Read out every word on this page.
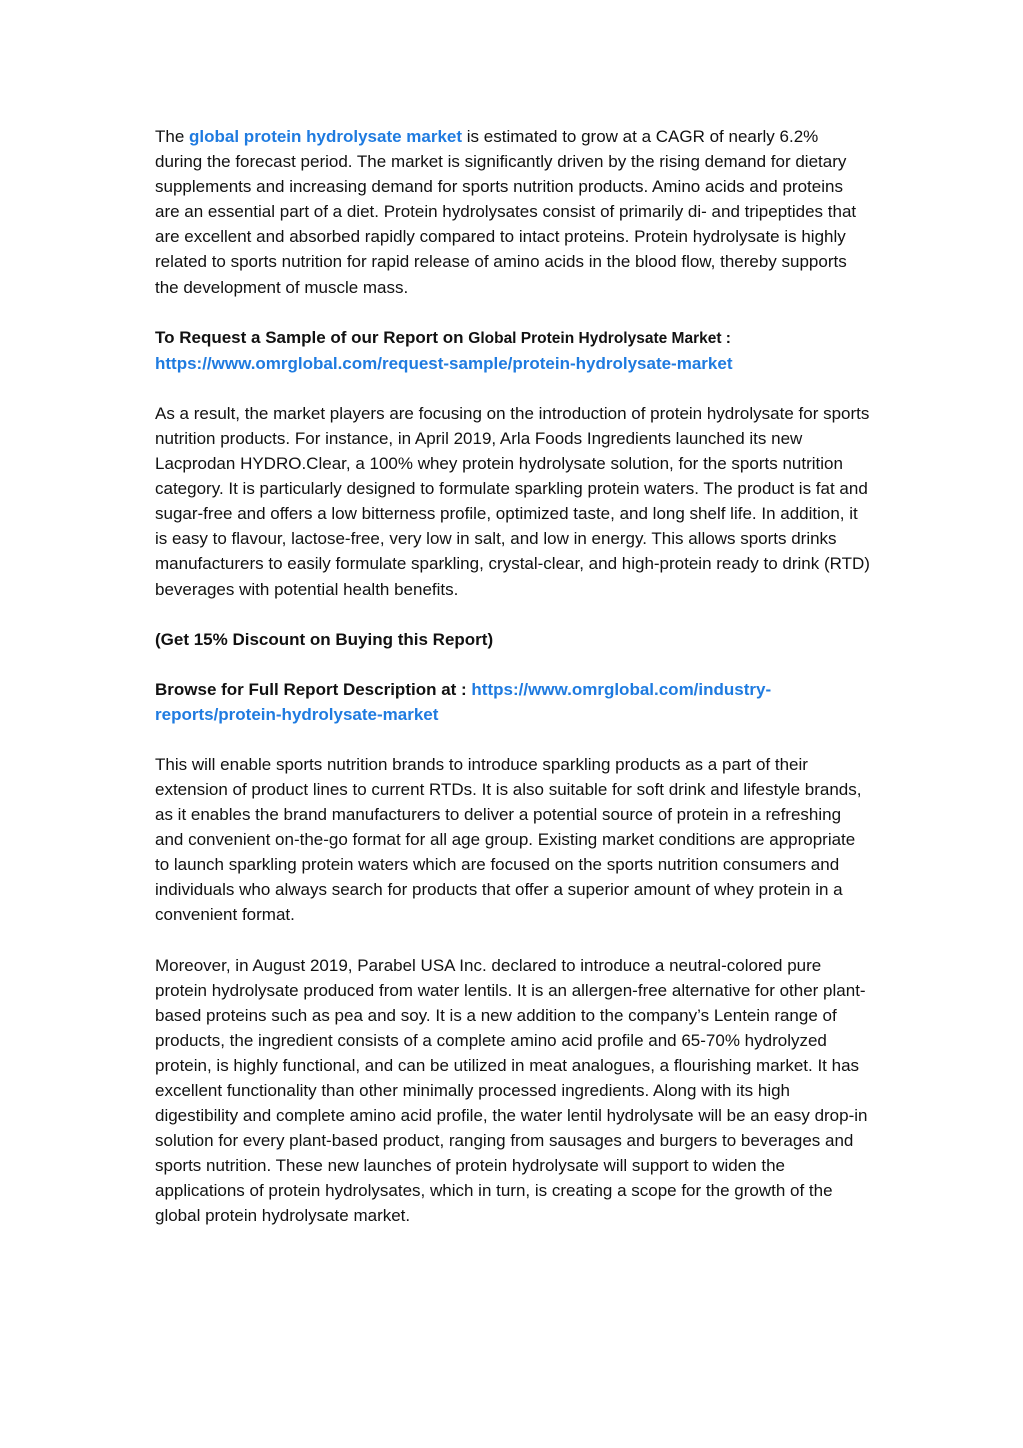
The global protein hydrolysate market is estimated to grow at a CAGR of nearly 6.2% during the forecast period. The market is significantly driven by the rising demand for dietary supplements and increasing demand for sports nutrition products. Amino acids and proteins are an essential part of a diet. Protein hydrolysates consist of primarily di- and tripeptides that are excellent and absorbed rapidly compared to intact proteins. Protein hydrolysate is highly related to sports nutrition for rapid release of amino acids in the blood flow, thereby supports the development of muscle mass.

To Request a Sample of our Report on Global Protein Hydrolysate Market :
https://www.omrglobal.com/request-sample/protein-hydrolysate-market

As a result, the market players are focusing on the introduction of protein hydrolysate for sports nutrition products. For instance, in April 2019, Arla Foods Ingredients launched its new Lacprodan HYDRO.Clear, a 100% whey protein hydrolysate solution, for the sports nutrition category. It is particularly designed to formulate sparkling protein waters. The product is fat and sugar-free and offers a low bitterness profile, optimized taste, and long shelf life. In addition, it is easy to flavour, lactose-free, very low in salt, and low in energy. This allows sports drinks manufacturers to easily formulate sparkling, crystal-clear, and high-protein ready to drink (RTD) beverages with potential health benefits.

(Get 15% Discount on Buying this Report)

Browse for Full Report Description at : https://www.omrglobal.com/industry-reports/protein-hydrolysate-market

This will enable sports nutrition brands to introduce sparkling products as a part of their extension of product lines to current RTDs. It is also suitable for soft drink and lifestyle brands, as it enables the brand manufacturers to deliver a potential source of protein in a refreshing and convenient on-the-go format for all age group. Existing market conditions are appropriate to launch sparkling protein waters which are focused on the sports nutrition consumers and individuals who always search for products that offer a superior amount of whey protein in a convenient format.

Moreover, in August 2019, Parabel USA Inc. declared to introduce a neutral-colored pure protein hydrolysate produced from water lentils. It is an allergen-free alternative for other plant-based proteins such as pea and soy. It is a new addition to the company’s Lentein range of products, the ingredient consists of a complete amino acid profile and 65-70% hydrolyzed protein, is highly functional, and can be utilized in meat analogues, a flourishing market. It has excellent functionality than other minimally processed ingredients. Along with its high digestibility and complete amino acid profile, the water lentil hydrolysate will be an easy drop-in solution for every plant-based product, ranging from sausages and burgers to beverages and sports nutrition. These new launches of protein hydrolysate will support to widen the applications of protein hydrolysates, which in turn, is creating a scope for the growth of the global protein hydrolysate market.
